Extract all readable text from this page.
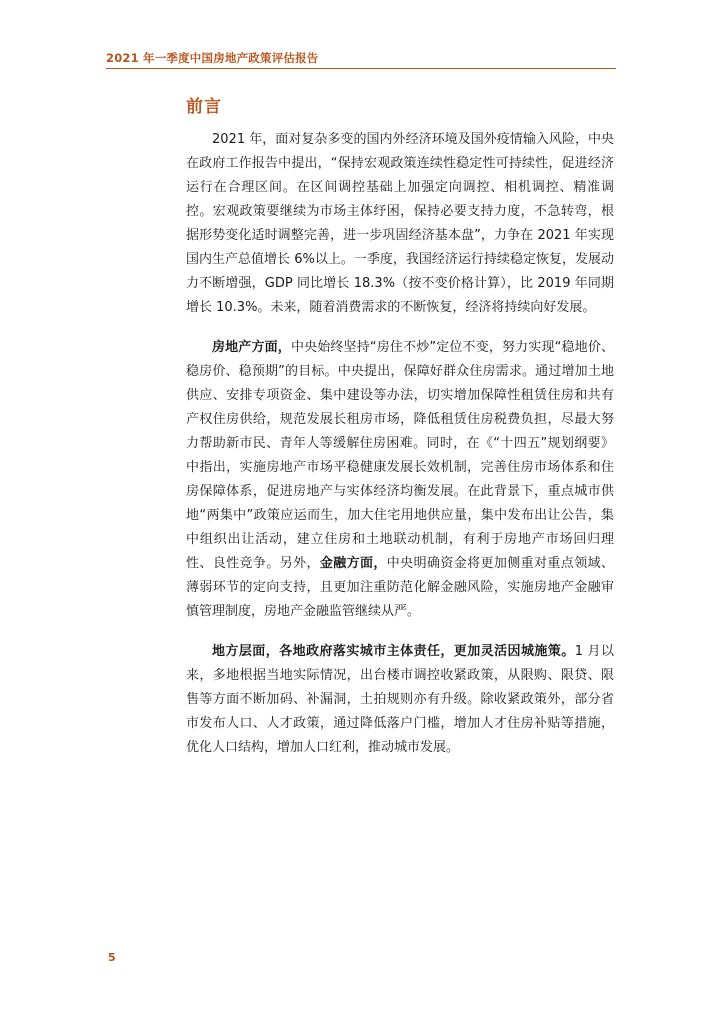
2021 年一季度中国房地产政策评估报告
前言

2021 年，面对复杂多变的国内外经济环境及国外疫情输入风险，中央在政府工作报告中提出，“保持宏观政策连续性稳定性可持续性，促进经济运行在合理区间。在区间调控基础上加强定向调控、相机调控、精准调控。宏观政策要继续为市场主体纾困，保持必要支持力度，不急转弯，根据形势变化适时调整完善，进一步巩固经济基本盘”，力争在 2021 年实现国内生产总值增长 6%以上。一季度，我国经济运行持续稳定恢复，发展动力不断增强，GDP 同比增长 18.3%（按不变价格计算），比 2019 年同期增长 10.3%。未来，随着消费需求的不断恢复，经济将持续向好发展。

房地产方面，中央始终坚持“房住不炒”定位不变，努力实现“稳地价、稳房价、稳预期”的目标。中央提出，保障好群众住房需求。通过增加土地供应、安排专项资金、集中建设等办法，切实增加保障性租赁住房和共有产权住房供给，规范发展长租房市场，降低租赁住房税费负担，尽最大努力帮助新市民、青年人等缓解住房困难。同时，在《“十四五”规划纲要》中指出，实施房地产市场平稳健康发展长效机制，完善住房市场体系和住房保障体系，促进房地产与实体经济均衡发展。在此背景下，重点城市供地“两集中”政策应运而生，加大住宅用地供应量，集中发布出让公告，集中组织出让活动，建立住房和土地联动机制，有利于房地产市场回归理性、良性竞争。另外，金融方面，中央明确资金将更加侧重对重点领域、薄弱环节的定向支持，且更加注重防范化解金融风险，实施房地产金融审慎管理制度，房地产金融监管继续从严。

地方层面，各地政府落实城市主体责任，更加灵活因城施策。1 月以来，多地根据当地实际情况，出台楼市调控收紧政策，从限购、限贷、限售等方面不断加码、补漏洞，土拍规则亦有升级。除收紧政策外，部分省市发布人口、人才政策，通过降低落户门槛，增加人才住房补贴等措施，优化人口结构，增加人口红利，推动城市发展。

5
